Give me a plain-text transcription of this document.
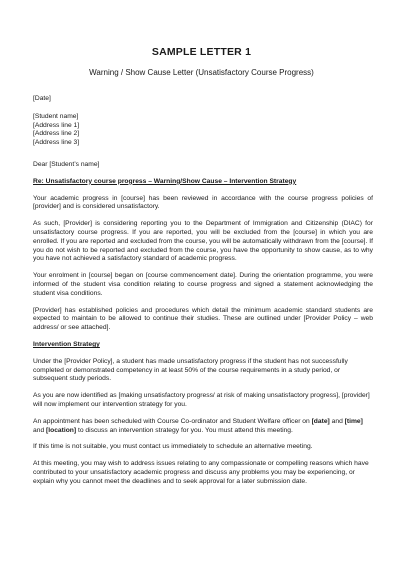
SAMPLE LETTER 1
Warning / Show Cause Letter (Unsatisfactory Course Progress)
[Date]
[Student name]
[Address line 1]
[Address line 2]
[Address line 3]

Dear [Student’s name]

Re: Unsatisfactory course progress – Warning/Show Cause – Intervention Strategy

Your academic progress in [course] has been reviewed in accordance with the course progress policies of [provider] and is considered unsatisfactory.

As such, [Provider] is considering reporting you to the Department of Immigration and Citizenship (DIAC) for unsatisfactory course progress. If you are reported, you will be excluded from the [course] in which you are enrolled. If you are reported and excluded from the course, you will be automatically withdrawn from the [course]. If you do not wish to be reported and excluded from the course, you have the opportunity to show cause, as to why you have not achieved a satisfactory standard of academic progress.

Your enrolment in [course] began on [course commencement date]. During the orientation programme, you were informed of the student visa condition relating to course progress and signed a statement acknowledging the student visa conditions.

[Provider] has established policies and procedures which detail the minimum academic standard students are expected to maintain to be allowed to continue their studies. These are outlined under [Provider Policy – web address/ or see attached].

Intervention Strategy

Under the [Provider Policy], a student has made unsatisfactory progress if the student has not successfully completed or demonstrated competency in at least 50% of the course requirements in a study period, or subsequent study periods.

As you are now identified as [making unsatisfactory progress/ at risk of making unsatisfactory progress], [provider] will now implement our intervention strategy for you.

An appointment has been scheduled with Course Co-ordinator and Student Welfare officer on [date] and [time] and [location] to discuss an intervention strategy for you. You must attend this meeting.

If this time is not suitable, you must contact us immediately to schedule an alternative meeting.

At this meeting, you may wish to address issues relating to any compassionate or compelling reasons which have contributed to your unsatisfactory academic progress and discuss any problems you may be experiencing, or explain why you cannot meet the deadlines and to seek approval for a later submission date.
